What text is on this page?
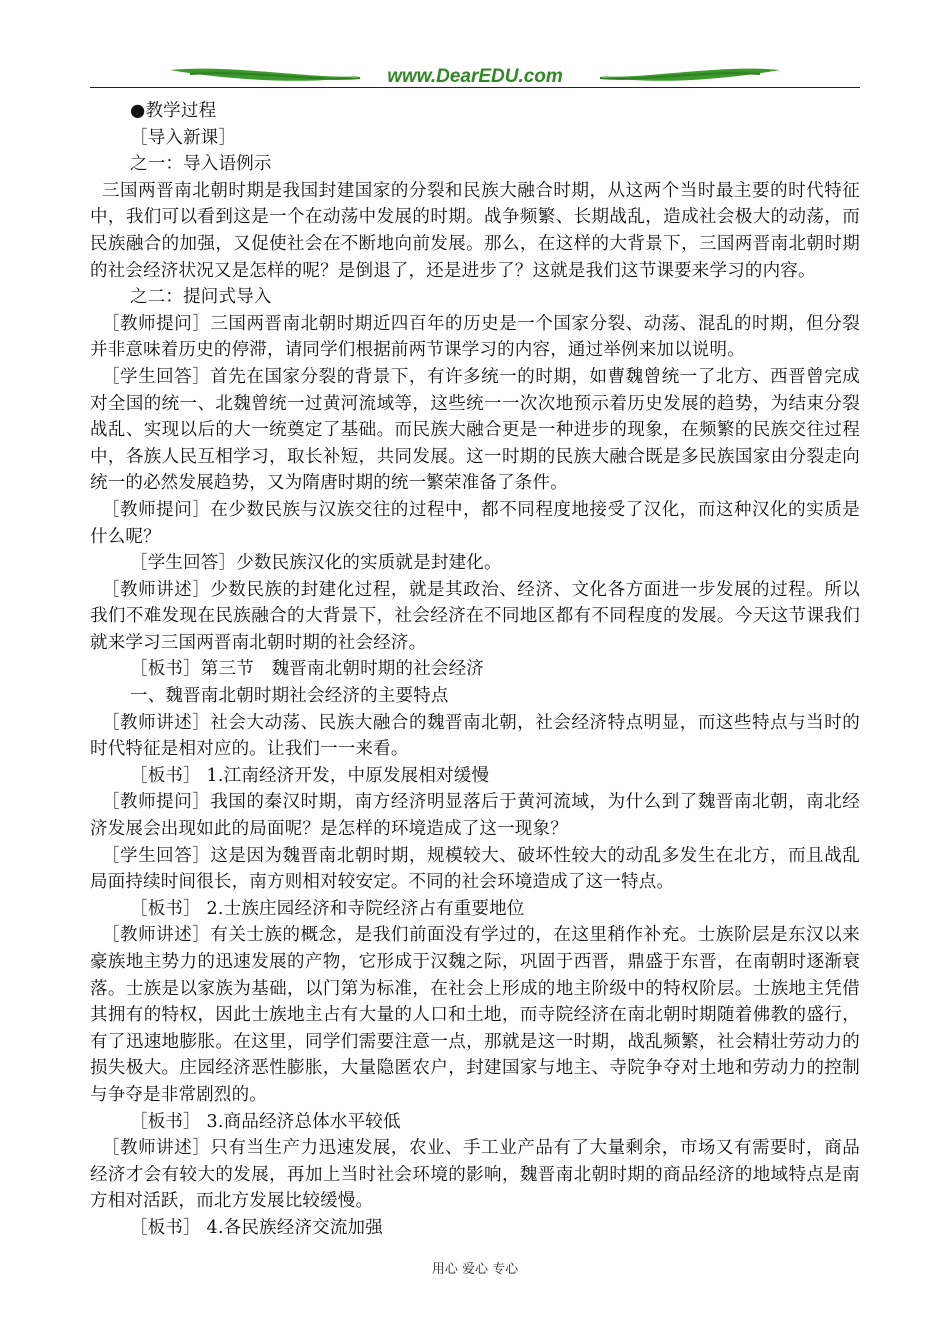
www.DearEDU.com

●教学过程

［导入新课］

之一：导入语例示

三国两晋南北朝时期是我国封建国家的分裂和民族大融合时期，从这两个当时最主要的时代特征中，我们可以看到这是一个在动荡中发展的时期。战争频繁、长期战乱，造成社会极大的动荡，而民族融合的加强，又促使社会在不断地向前发展。那么，在这样的大背景下，三国两晋南北朝时期的社会经济状况又是怎样的呢？是倒退了，还是进步了？这就是我们这节课要来学习的内容。

之二：提问式导入

［教师提问］三国两晋南北朝时期近四百年的历史是一个国家分裂、动荡、混乱的时期，但分裂并非意味着历史的停滞，请同学们根据前两节课学习的内容，通过举例来加以说明。

［学生回答］首先在国家分裂的背景下，有许多统一的时期，如曹魏曾统一了北方、西晋曾完成对全国的统一、北魏曾统一过黄河流域等，这些统一一次次地预示着历史发展的趋势，为结束分裂战乱、实现以后的大一统奠定了基础。而民族大融合更是一种进步的现象，在频繁的民族交往过程中，各族人民互相学习，取长补短，共同发展。这一时期的民族大融合既是多民族国家由分裂走向统一的必然发展趋势，又为隋唐时期的统一繁荣准备了条件。

［教师提问］在少数民族与汉族交往的过程中，都不同程度地接受了汉化，而这种汉化的实质是什么呢？

［学生回答］少数民族汉化的实质就是封建化。

［教师讲述］少数民族的封建化过程，就是其政治、经济、文化各方面进一步发展的过程。所以我们不难发现在民族融合的大背景下，社会经济在不同地区都有不同程度的发展。今天这节课我们就来学习三国两晋南北朝时期的社会经济。

［板书］第三节　魏晋南北朝时期的社会经济

一、魏晋南北朝时期社会经济的主要特点

［教师讲述］社会大动荡、民族大融合的魏晋南北朝，社会经济特点明显，而这些特点与当时的时代特征是相对应的。让我们一一来看。

［板书］ 1.江南经济开发，中原发展相对缓慢

［教师提问］我国的秦汉时期，南方经济明显落后于黄河流域，为什么到了魏晋南北朝，南北经济发展会出现如此的局面呢？是怎样的环境造成了这一现象？

［学生回答］这是因为魏晋南北朝时期，规模较大、破坏性较大的动乱多发生在北方，而且战乱局面持续时间很长，南方则相对较安定。不同的社会环境造成了这一特点。

［板书］ 2.士族庄园经济和寺院经济占有重要地位

［教师讲述］有关士族的概念，是我们前面没有学过的，在这里稍作补充。士族阶层是东汉以来豪族地主势力的迅速发展的产物，它形成于汉魏之际，巩固于西晋，鼎盛于东晋，在南朝时逐渐衰落。士族是以家族为基础，以门第为标准，在社会上形成的地主阶级中的特权阶层。士族地主凭借其拥有的特权，因此士族地主占有大量的人口和土地，而寺院经济在南北朝时期随着佛教的盛行，有了迅速地膨胀。在这里，同学们需要注意一点，那就是这一时期，战乱频繁，社会精壮劳动力的损失极大。庄园经济恶性膨胀，大量隐匿农户，封建国家与地主、寺院争夺对土地和劳动力的控制与争夺是非常剧烈的。

［板书］ 3.商品经济总体水平较低

［教师讲述］只有当生产力迅速发展，农业、手工业产品有了大量剩余，市场又有需要时，商品经济才会有较大的发展，再加上当时社会环境的影响，魏晋南北朝时期的商品经济的地域特点是南方相对活跃，而北方发展比较缓慢。

［板书］ 4.各民族经济交流加强

用心 爱心 专心
